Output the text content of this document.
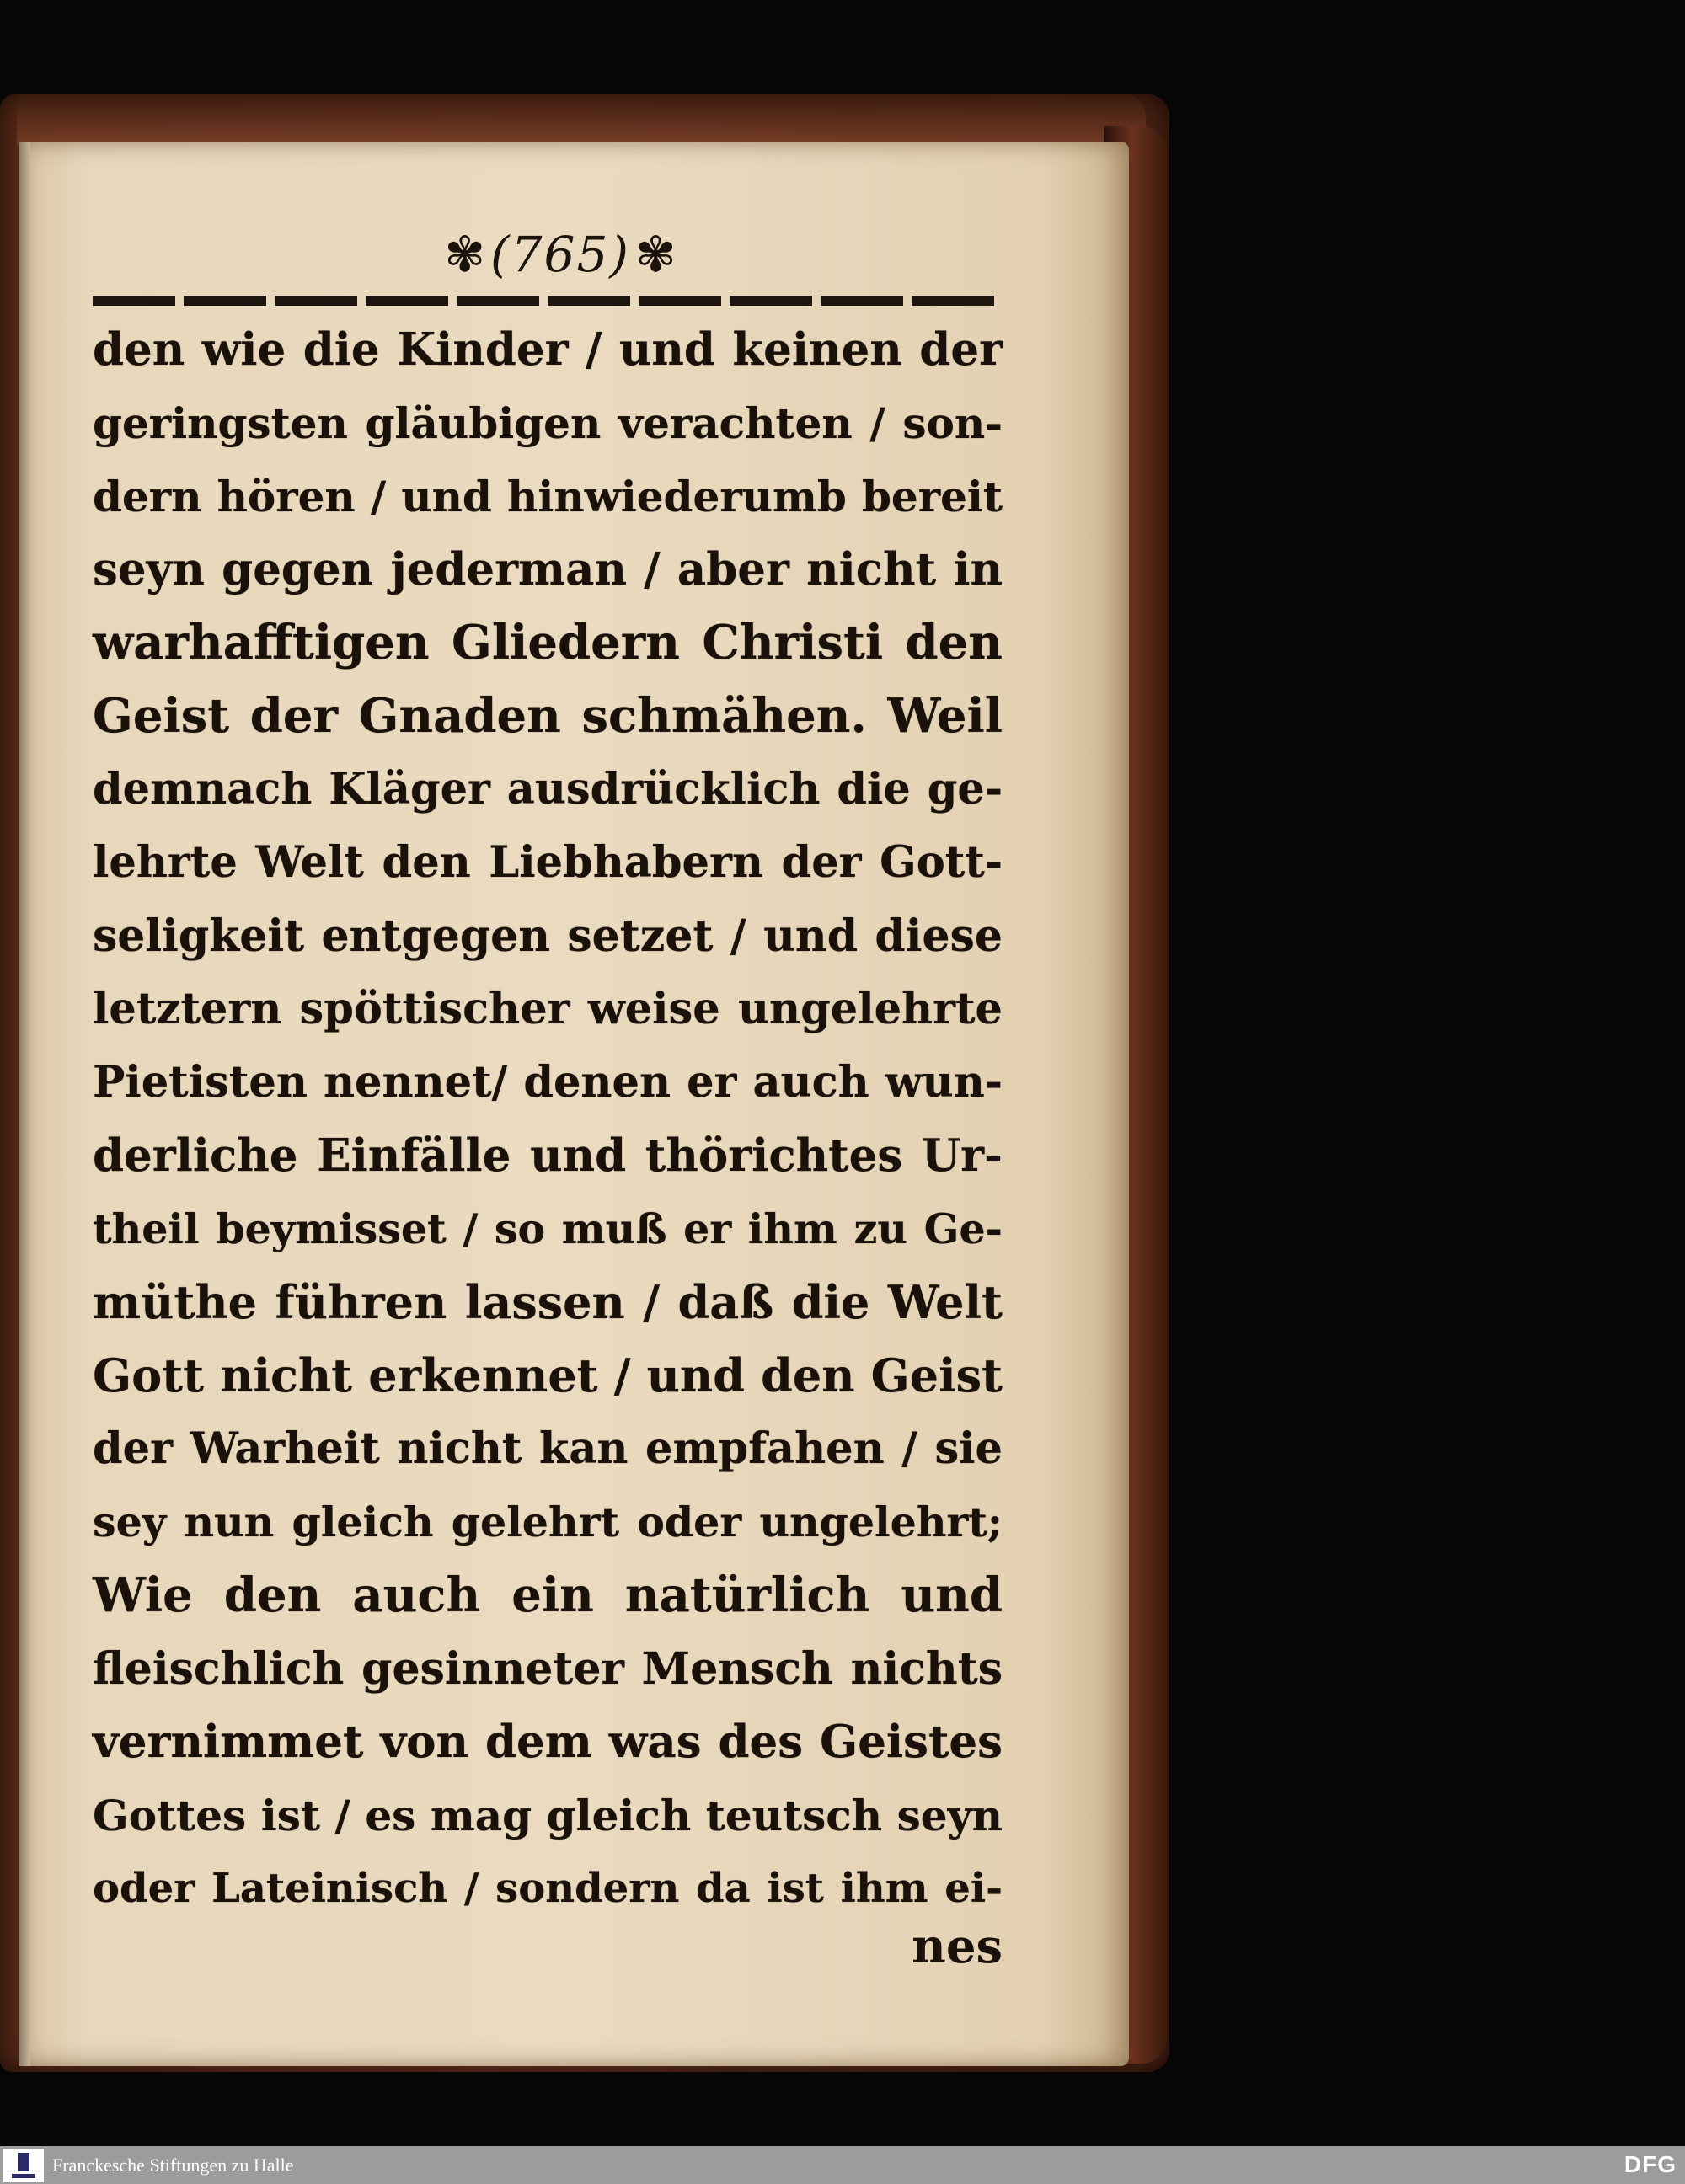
✾ (765) ✾
den wie die Kinder / und keinen der
geringsten gläubigen verachten / son-
dern hören / und hinwiederumb bereit
seyn gegen jederman / aber nicht in
warhafftigen Gliedern Christi den
Geist der Gnaden schmähen. Weil
demnach Kläger ausdrücklich die ge-
lehrte Welt den Liebhabern der Gott-
seligkeit entgegen setzet / und diese
letztern spöttischer weise ungelehrte
Pietisten nennet/ denen er auch wun-
derliche Einfälle und thörichtes Ur-
theil beymisset / so muß er ihm zu Ge-
müthe führen lassen / daß die Welt
Gott nicht erkennet / und den Geist
der Warheit nicht kan empfahen / sie
sey nun gleich gelehrt oder ungelehrt;
Wie den auch ein natürlich und
fleischlich gesinneter Mensch nichts
vernimmet von dem was des Geistes
Gottes ist / es mag gleich teutsch seyn
oder Lateinisch / sondern da ist ihm ei-
nes
Franckesche Stiftungen zu Halle	DFG
